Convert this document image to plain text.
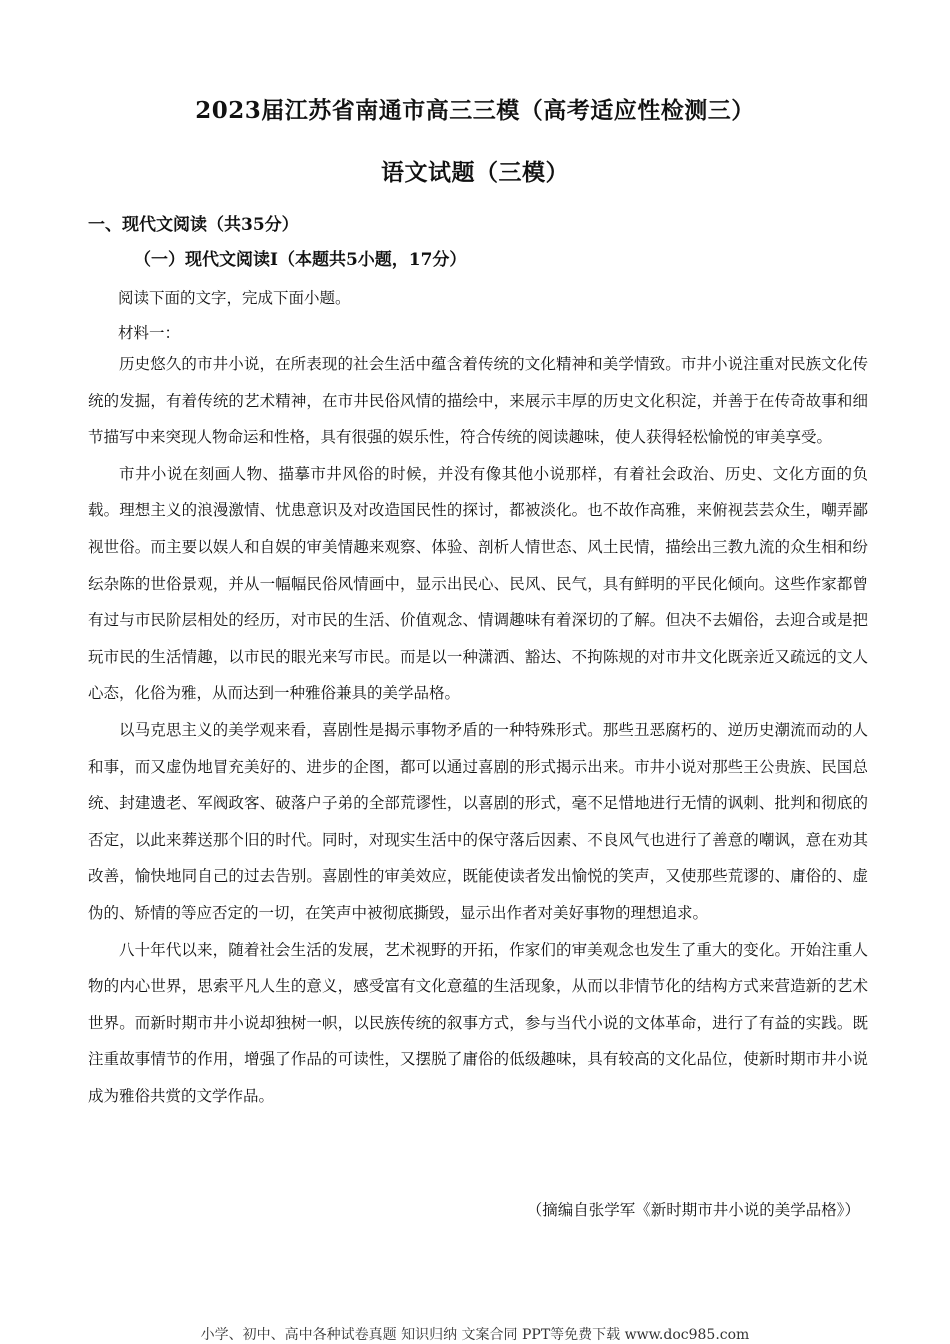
2023届江苏省南通市高三三模（高考适应性检测三）
语文试题（三模）
一、现代文阅读（共35分）
（一）现代文阅读Ⅰ（本题共5小题，17分）
阅读下面的文字，完成下面小题。
材料一：

历史悠久的市井小说，在所表现的社会生活中蕴含着传统的文化精神和美学情致。市井小说注重对民族文化传统的发掘，有着传统的艺术精神，在市井民俗风情的描绘中，来展示丰厚的历史文化积淀，并善于在传奇故事和细节描写中来突现人物命运和性格，具有很强的娱乐性，符合传统的阅读趣味，使人获得轻松愉悦的审美享受。

市井小说在刻画人物、描摹市井风俗的时候，并没有像其他小说那样，有着社会政治、历史、文化方面的负载。理想主义的浪漫激情、忧患意识及对改造国民性的探讨，都被淡化。也不故作高雅，来俯视芸芸众生，嘲弄鄙视世俗。而主要以娱人和自娱的审美情趣来观察、体验、剖析人情世态、风土民情，描绘出三教九流的众生相和纷纭杂陈的世俗景观，并从一幅幅民俗风情画中，显示出民心、民风、民气，具有鲜明的平民化倾向。这些作家都曾有过与市民阶层相处的经历，对市民的生活、价值观念、情调趣味有着深切的了解。但决不去媚俗，去迎合或是把玩市民的生活情趣，以市民的眼光来写市民。而是以一种潇洒、豁达、不拘陈规的对市井文化既亲近又疏远的文人心态，化俗为雅，从而达到一种雅俗兼具的美学品格。

以马克思主义的美学观来看，喜剧性是揭示事物矛盾的一种特殊形式。那些丑恶腐朽的、逆历史潮流而动的人和事，而又虚伪地冒充美好的、进步的企图，都可以通过喜剧的形式揭示出来。市井小说对那些王公贵族、民国总统、封建遗老、军阀政客、破落户子弟的全部荒谬性，以喜剧的形式，毫不足惜地进行无情的讽刺、批判和彻底的否定，以此来葬送那个旧的时代。同时，对现实生活中的保守落后因素、不良风气也进行了善意的嘲讽，意在劝其改善，愉快地同自己的过去告别。喜剧性的审美效应，既能使读者发出愉悦的笑声，又使那些荒谬的、庸俗的、虚伪的、矫情的等应否定的一切，在笑声中被彻底撕毁，显示出作者对美好事物的理想追求。

八十年代以来，随着社会生活的发展，艺术视野的开拓，作家们的审美观念也发生了重大的变化。开始注重人物的内心世界，思索平凡人生的意义，感受富有文化意蕴的生活现象，从而以非情节化的结构方式来营造新的艺术世界。而新时期市井小说却独树一帜，以民族传统的叙事方式，参与当代小说的文体革命，进行了有益的实践。既注重故事情节的作用，增强了作品的可读性，又摆脱了庸俗的低级趣味，具有较高的文化品位，使新时期市井小说成为雅俗共赏的文学作品。

（摘编自张学军《新时期市井小说的美学品格》）
小学、初中、高中各种试卷真题 知识归纳 文案合同 PPT等免费下载 www.doc985.com
